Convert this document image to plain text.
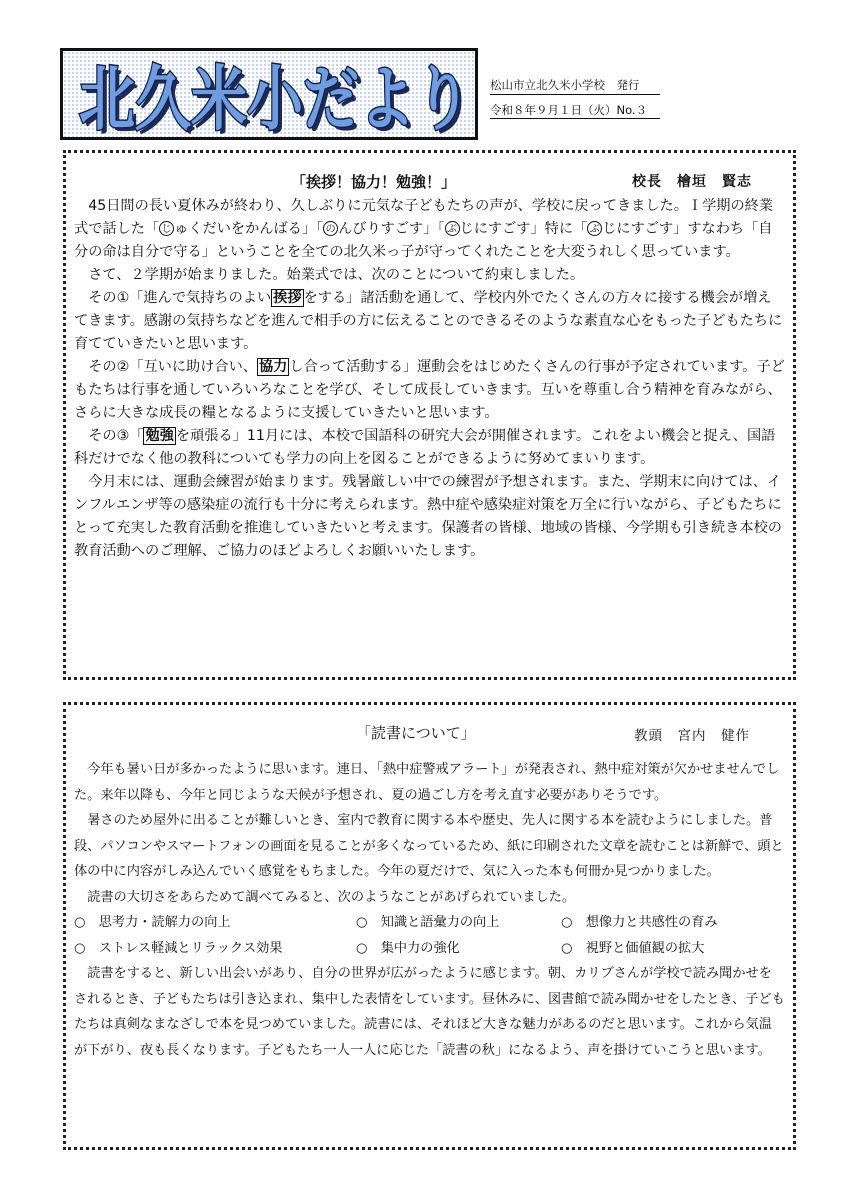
北久米小だより
北久米小だより 松山市立北久米小学校　発行
令和８年９月１日（火）No.３
「挨拶！協力！勉強！」	校長　檜垣　賢志

45日間の長い夏休みが終わり、久しぶりに元気な子どもたちの声が、学校に戻ってきました。Ｉ学期の終業式で話した「 じ ゅくだいをかんばる」「 の んびりすごす」「 ぶ じにすごす」特に「 ぶ じにすごす」すなわち「自分の命は自分で守る」ということを全ての北久米っ子が守ってくれたことを大変うれしく思っています。

さて、２学期が始まりました。始業式では、次のことについて約束しました。

その①「進んで気持ちのよい 挨拶 をする」諸活動を通して、学校内外でたくさんの方々に接する機会が増えてきます。感謝の気持ちなどを進んで相手の方に伝えることのできるそのような素直な心をもった子どもたちに育てていきたいと思います。

その②「互いに助け合い、 協力 し合って活動する」運動会をはじめたくさんの行事が予定されています。子どもたちは行事を通していろいろなことを学び、そして成長していきます。互いを尊重し合う精神を育みながら、さらに大きな成長の糧となるように支援していきたいと思います。

その③「 勉強 を頑張る」11月には、本校で国語科の研究大会が開催されます。これをよい機会と捉え、国語科だけでなく他の教科についても学力の向上を図ることができるように努めてまいります。

今月末には、運動会練習が始まります。残暑厳しい中での練習が予想されます。また、学期末に向けては、インフルエンザ等の感染症の流行も十分に考えられます。熱中症や感染症対策を万全に行いながら、子どもたちにとって充実した教育活動を推進していきたいと考えます。保護者の皆様、地域の皆様、今学期も引き続き本校の教育活動へのご理解、ご協力のほどよろしくお願いいたします。

「読書について」	教頭　宮内　健作

今年も暑い日が多かったように思います。連日、「熱中症警戒アラート」が発表され、熱中症対策が欠かせませんでした。来年以降も、今年と同じような天候が予想され、夏の過ごし方を考え直す必要がありそうです。

暑さのため屋外に出ることが難しいとき、室内で教育に関する本や歴史、先人に関する本を読むようにしました。普段、パソコンやスマートフォンの画面を見ることが多くなっているため、紙に印刷された文章を読むことは新鮮で、頭と体の中に内容がしみ込んでいく感覚をもちました。今年の夏だけで、気に入った本も何冊か見つかりました。

読書の大切さをあらためて調べてみると、次のようなことがあげられていました。

○　思考力・読解力の向上	○　知識と語彙力の向上	○　想像力と共感性の育み
○　ストレス軽減とリラックス効果	○　集中力の強化	○　視野と価値観の拡大

読書をすると、新しい出会いがあり、自分の世界が広がったように感じます。朝、カリブさんが学校で読み聞かせをされるとき、子どもたちは引き込まれ、集中した表情をしています。昼休みに、図書館で読み聞かせをしたとき、子どもたちは真剣なまなざしで本を見つめていました。読書には、それほど大きな魅力があるのだと思います。これから気温が下がり、夜も長くなります。子どもたち一人一人に応じた「読書の秋」になるよう、声を掛けていこうと思います。
